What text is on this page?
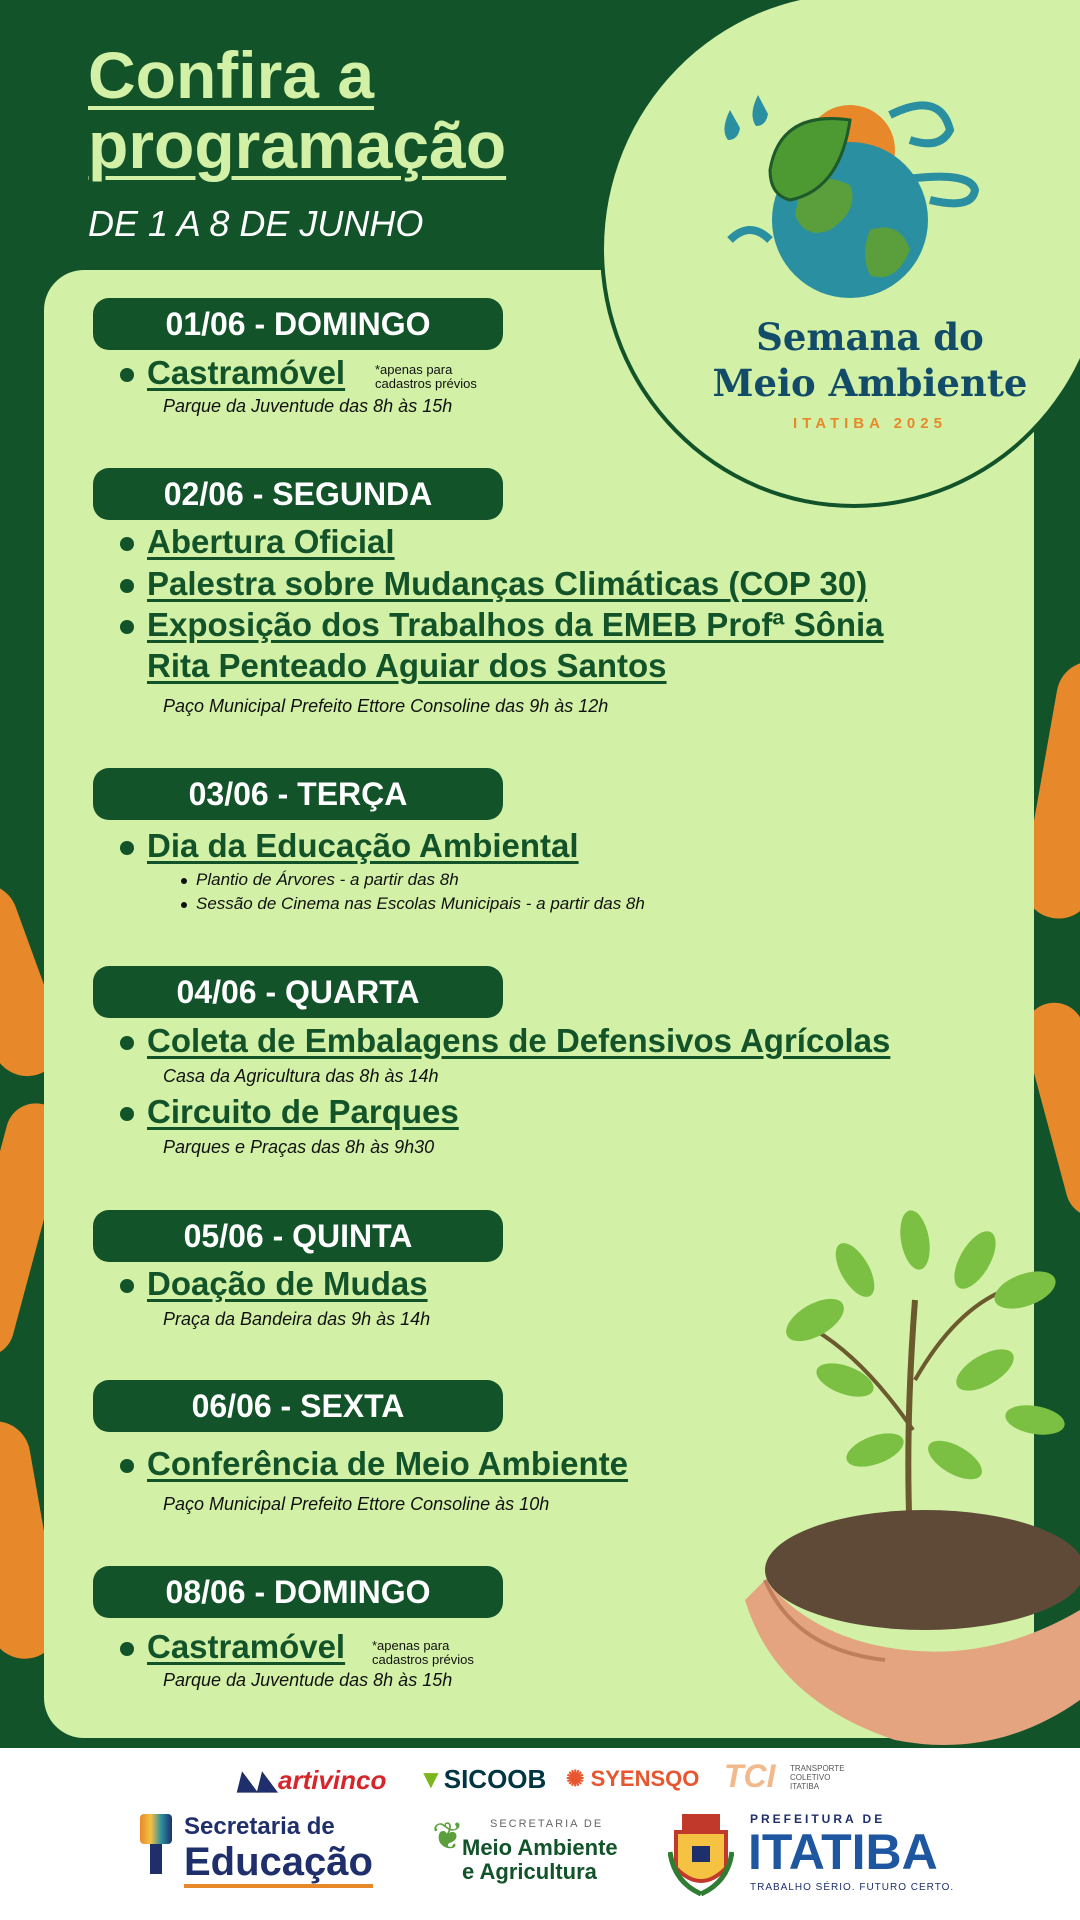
Confira a
programação
DE 1 A 8 DE JUNHO
Semana do
Meio Ambiente
ITATIBA 2025
01/06 - DOMINGO
Castramóvel *apenas para
cadastros prévios
Parque da Juventude das 8h às 15h
02/06 - SEGUNDA
Abertura Oficial
Palestra sobre Mudanças Climáticas (COP 30)
Exposição dos Trabalhos da EMEB Profª Sônia
Rita Penteado Aguiar dos Santos
Paço Municipal Prefeito Ettore Consoline das 9h às 12h
03/06 - TERÇA
Dia da Educação Ambiental
Plantio de Árvores - a partir das 8h
Sessão de Cinema nas Escolas Municipais - a partir das 8h
04/06 - QUARTA
Coleta de Embalagens de Defensivos Agrícolas
Casa da Agricultura das 8h às 14h
Circuito de Parques
Parques e Praças das 8h às 9h30
05/06 - QUINTA
Doação de Mudas
Praça da Bandeira das 9h às 14h
06/06 - SEXTA
Conferência de Meio Ambiente
Paço Municipal Prefeito Ettore Consoline às 10h
08/06 - DOMINGO
Castramóvel *apenas para
cadastros prévios
Parque da Juventude das 8h às 15h
◣◣artivinco ▼SICOOB ✺ SYENSQO TCI TRANSPORTE
COLETIVO
ITATIBA
Secretaria de
Educação
❦ SECRETARIA DE
Meio Ambiente
e Agricultura
PREFEITURA DE
ITATIBA
TRABALHO SÉRIO. FUTURO CERTO.
